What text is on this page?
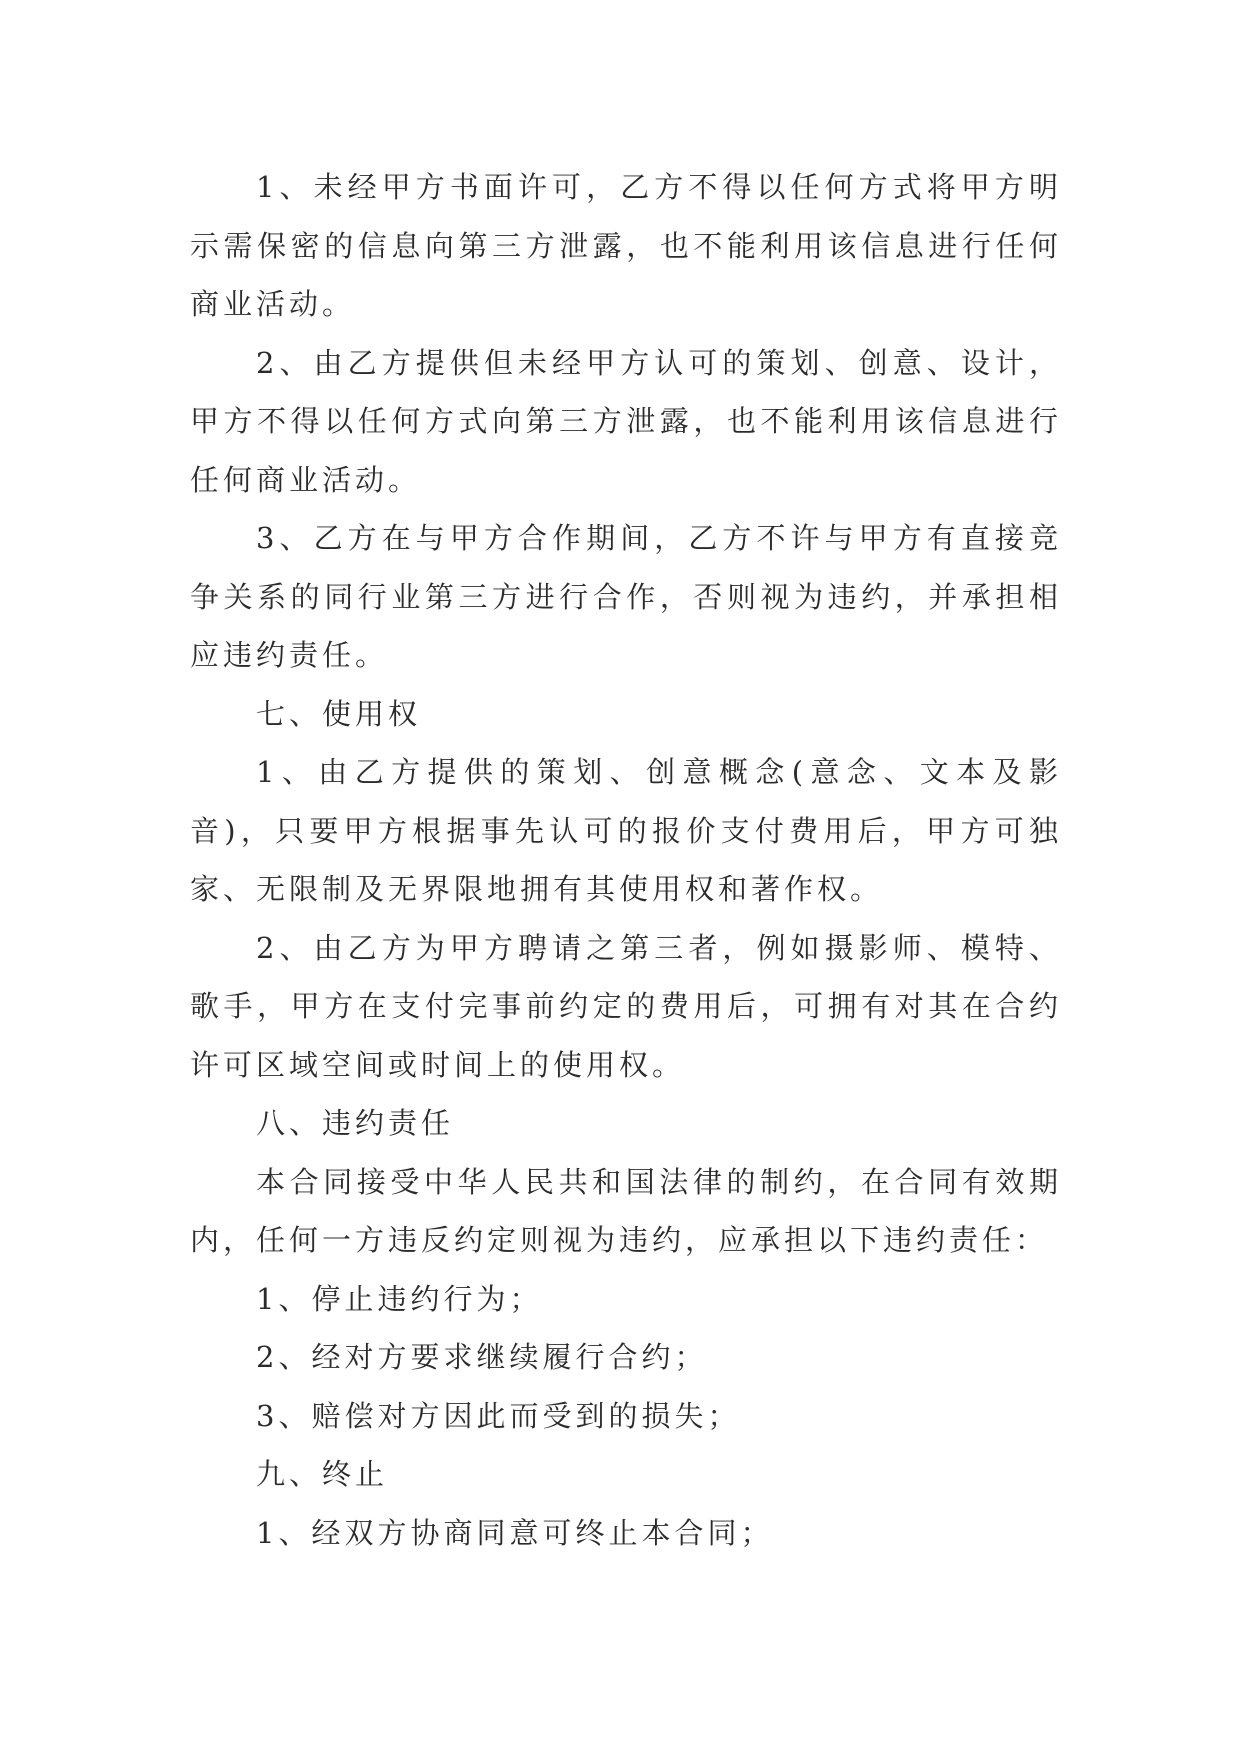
1、未经甲方书面许可，乙方不得以任何方式将甲方明示需保密的信息向第三方泄露，也不能利用该信息进行任何商业活动。

2、由乙方提供但未经甲方认可的策划、创意、设计，甲方不得以任何方式向第三方泄露，也不能利用该信息进行任何商业活动。

3、乙方在与甲方合作期间，乙方不许与甲方有直接竞争关系的同行业第三方进行合作，否则视为违约，并承担相应违约责任。

七、使用权

1、由乙方提供的策划、创意概念(意念、文本及影音)，只要甲方根据事先认可的报价支付费用后，甲方可独家、无限制及无界限地拥有其使用权和著作权。

2、由乙方为甲方聘请之第三者，例如摄影师、模特、歌手，甲方在支付完事前约定的费用后，可拥有对其在合约许可区域空间或时间上的使用权。

八、违约责任

本合同接受中华人民共和国法律的制约，在合同有效期内，任何一方违反约定则视为违约，应承担以下违约责任：

1、停止违约行为；

2、经对方要求继续履行合约；

3、赔偿对方因此而受到的损失；

九、终止

1、经双方协商同意可终止本合同；
